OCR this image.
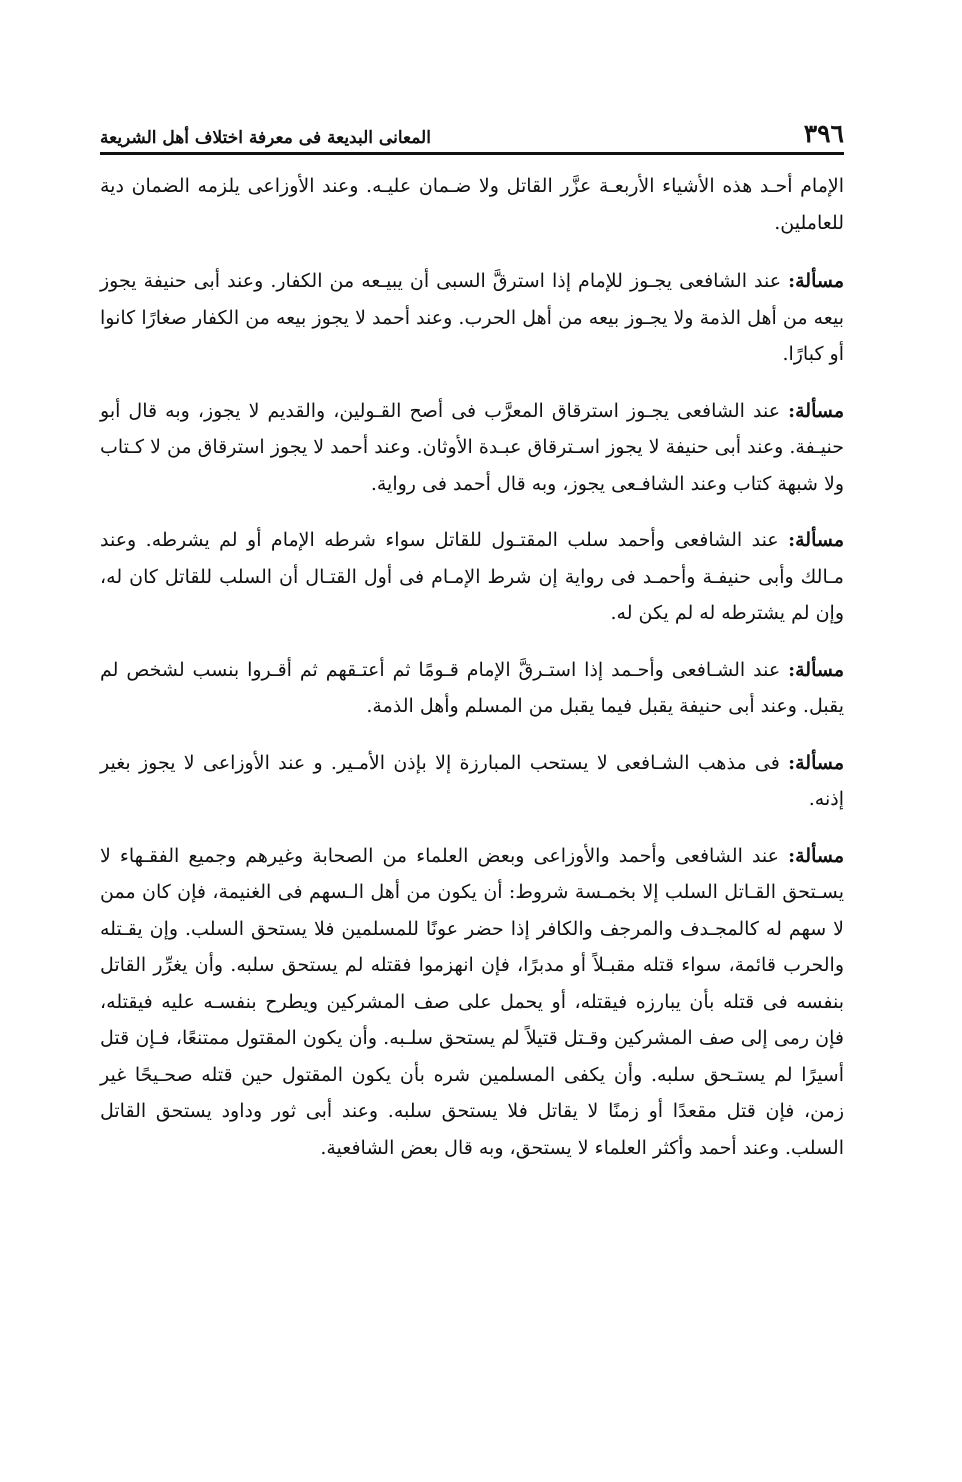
٣٩٦
المعانى البديعة فى معرفة اختلاف أهل الشريعة

الإمام أحـد هذه الأشياء الأربعـة عزَّر القاتل ولا ضـمان عليـه. وعند الأوزاعى يلزمه الضمان دية للعاملين.

مسألة: عند الشافعى يجـوز للإمام إذا استرقَّ السبى أن يبيـعه من الكفار. وعند أبى حنيفة يجوز بيعه من أهل الذمة ولا يجـوز بيعه من أهل الحرب. وعند أحمد لا يجوز بيعه من الكفار صغارًا كانوا أو كبارًا.

مسألة: عند الشافعى يجـوز استرقاق المعرَّب فى أصح القـولين، والقديم لا يجوز، وبه قال أبو حنيـفة. وعند أبى حنيفة لا يجوز اسـترقاق عبـدة الأوثان. وعند أحمد لا يجوز استرقاق من لا كـتاب ولا شبهة كتاب وعند الشافـعى يجوز، وبه قال أحمد فى رواية.

مسألة: عند الشافعى وأحمد سلب المقتـول للقاتل سواء شرطه الإمام أو لم يشرطه. وعند مـالك وأبى حنيفـة وأحمـد فى رواية إن شرط الإمـام فى أول القتـال أن السلب للقاتل كان له، وإن لم يشترطه له لم يكن له.

مسألة: عند الشـافعى وأحـمد إذا استـرقَّ الإمام قـومًا ثم أعتـقهم ثم أقـروا بنسب لشخص لم يقبل. وعند أبى حنيفة يقبل فيما يقبل من المسلم وأهل الذمة.

مسألة: فى مذهب الشـافعى لا يستحب المبارزة إلا بإذن الأمـير. و عند الأوزاعى لا يجوز بغير إذنه.

مسألة: عند الشافعى وأحمد والأوزاعى وبعض العلماء من الصحابة وغيرهم وجميع الفقـهاء لا يسـتحق القـاتل السلب إلا بخمـسة شروط: أن يكون من أهل الـسهم فى الغنيمة، فإن كان ممن لا سهم له كالمجـدف والمرجف والكافر إذا حضر عونًا للمسلمين فلا يستحق السلب. وإن يقـتله والحرب قائمة، سواء قتله مقبـلاً أو مدبرًا، فإن انهزموا فقتله لم يستحق سلبه. وأن يغرِّر القاتل بنفسه فى قتله بأن يبارزه فيقتله، أو يحمل على صف المشركين ويطرح بنفسـه عليه فيقتله، فإن رمى إلى صف المشركين وقـتل قتيلاً لم يستحق سلـبه. وأن يكون المقتول ممتنعًا، فـإن قتل أسيرًا لم يستـحق سلبه. وأن يكفى المسلمين شره بأن يكون المقتول حين قتله صحـيحًا غير زمن، فإن قتل مقعدًا أو زمنًا لا يقاتل فلا يستحق سلبه. وعند أبى ثور وداود يستحق القاتل السلب. وعند أحمد وأكثر العلماء لا يستحق، وبه قال بعض الشافعية.
